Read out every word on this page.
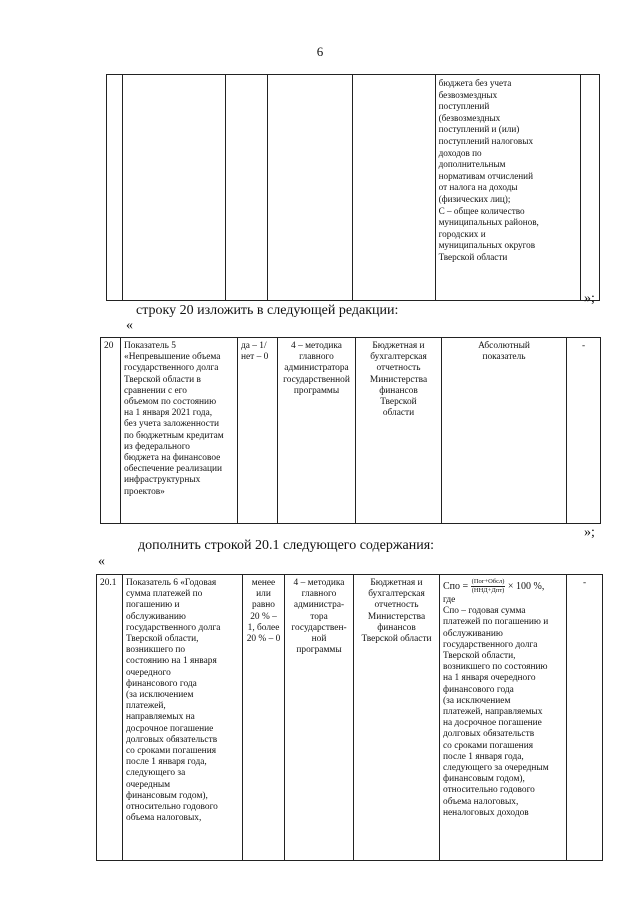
6
					бюджета без учета
безвозмездных
поступлений
(безвозмездных
поступлений и (или)
поступлений налоговых
доходов по
дополнительным
нормативам отчислений
от налога на доходы
(физических лиц);
С – общее количество
муниципальных районов,
городских и
муниципальных округов
Тверской области	
»;
строку 20 изложить в следующей редакции:
«
20	Показатель 5
«Непревышение объема
государственного долга
Тверской области в
сравнении с его
объемом по состоянию
на 1 января 2021 года,
без учета заложенности
по бюджетным кредитам
из федерального
бюджета на финансовое
обеспечение реализации
инфраструктурных
проектов»	да – 1/
нет – 0	4 – методика
главного
администратора
государственной
программы	Бюджетная и
бухгалтерская
отчетность
Министерства
финансов
Тверской
области	Абсолютный
показатель	-
»;
дополнить строкой 20.1 следующего содержания:
«
20.1	Показатель 6 «Годовая
сумма платежей по
погашению и
обслуживанию
государственного долга
Тверской области,
возникшего по
состоянию на 1 января
очередного
финансового года
(за исключением
платежей,
направляемых на
досрочное погашение
долговых обязательств
со сроками погашения
после 1 января года,
следующего за
очередным
финансовым годом),
относительно годового
объема налоговых,	менее
или
равно
20 % –
1, более
20 % – 0	4 – методика
главного
администра-
тора
государствен-
ной
программы	Бюджетная и
бухгалтерская
отчетность
Министерства
финансов
Тверской области	
Спо = $\frac{\text{(Пог+Обсл)}}{\text{(ННД+Дпт)}} \times 100$ %,
где
Спо – годовая сумма
платежей по погашению и
обслуживанию
государственного долга
Тверской области,
возникшего по состоянию
на 1 января очередного
финансового года
(за исключением
платежей, направляемых
на досрочное погашение
долговых обязательств
со сроками погашения
после 1 января года,
следующего за очередным
финансовым годом),
относительно годового
объема налоговых,
неналоговых доходов
	-
